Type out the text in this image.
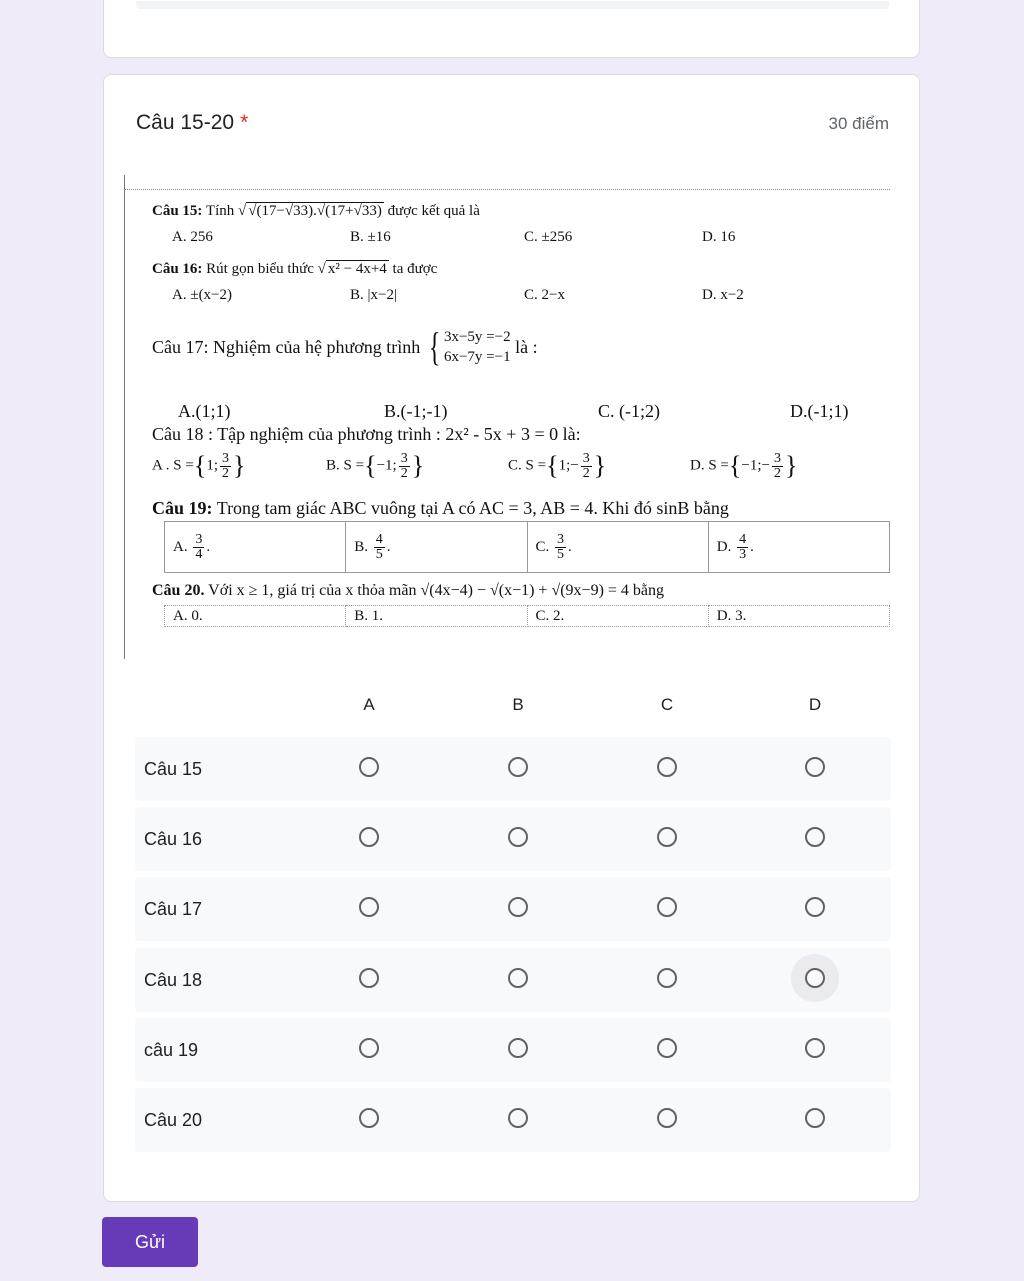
Câu 15-20 *	30 điểm
Câu 15: Tính √ √(17−√33).√(17+√33) được kết quả là
A. 256	B. ±16	C. ±256	D. 16
Câu 16: Rút gọn biểu thức √ x² − 4x+4 ta được
A. ±(x−2)	B. |x−2|	C. 2−x	D. x−2
Câu 17: Nghiệm của hệ phương trình { 3x−5y =−2
6x−7y =−1
là :
A.(1;1)	B.(-1;-1)	C. (-1;2)	D.(-1;1)
Câu 18 : Tập nghiệm của phương trình : 2x² - 5x + 3 = 0 là:
A . S ={1; $\frac{3}{2}$ }	B. S ={−1; $\frac{3}{2}$ }	C. S ={1;− $\frac{3}{2}$ }	D. S ={−1;− $\frac{3}{2}$ }
Câu 19: Trong tam giác ABC vuông tại A có AC = 3, AB = 4. Khi đó sinB bằng
A. $\frac{3}{4}$ .	B. $\frac{4}{5}$ .	C. $\frac{3}{5}$ .	D. $\frac{4}{3}$ .
Câu 20. Với x ≥ 1, giá trị của x thỏa mãn √(4x−4) − √(x−1) + √(9x−9) = 4 bằng
A. 0.	B. 1.	C. 2.	D. 3.
A	B	C	D
Câu 15
Câu 16
Câu 17
Câu 18
câu 19
Câu 20
Gửi
